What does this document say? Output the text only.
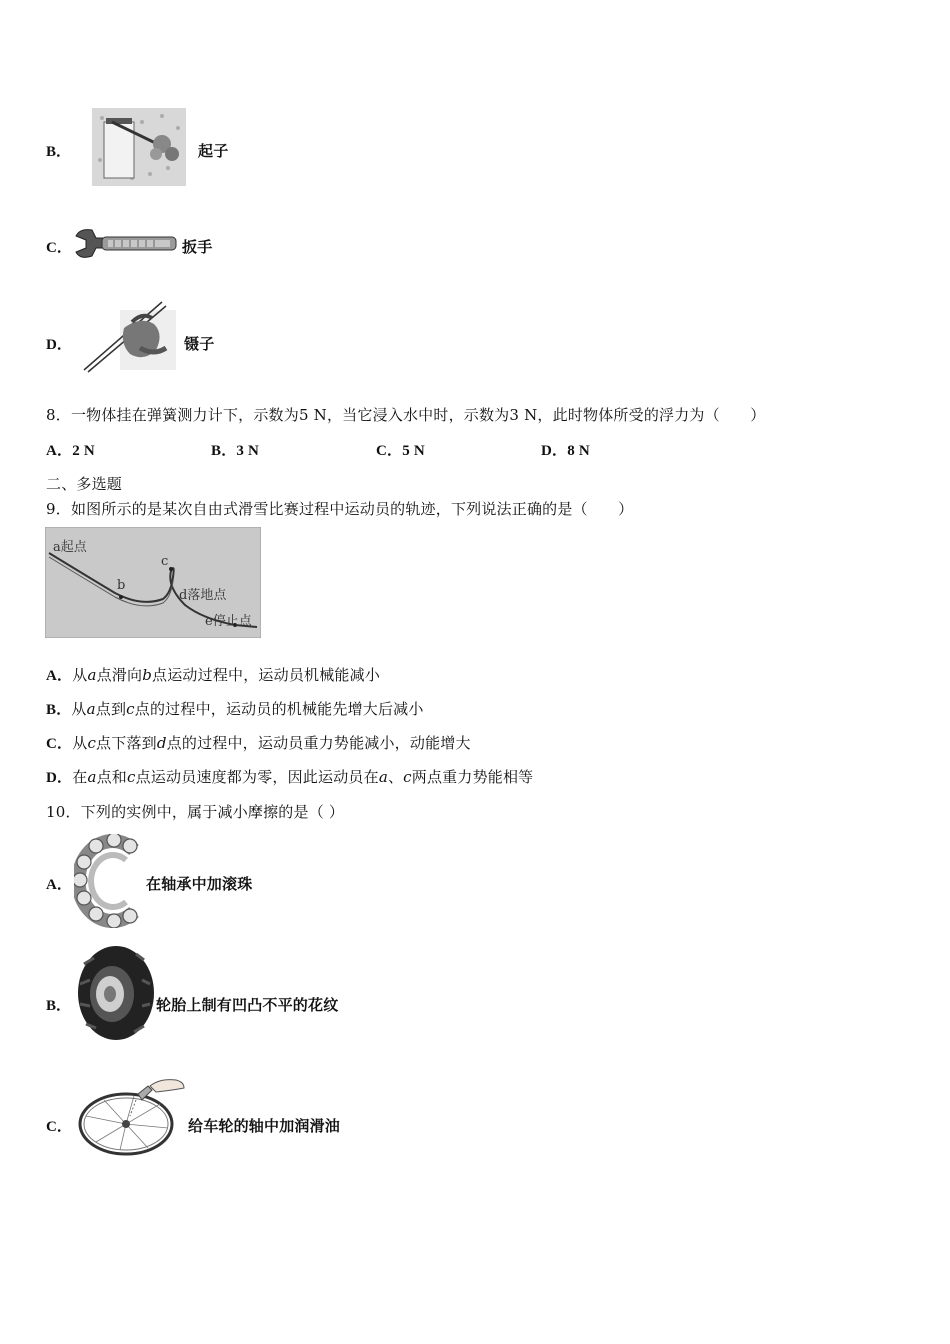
B．	起子
C．	扳手
D．	镊子
8．一物体挂在弹簧测力计下，示数为5 N，当它浸入水中时，示数为3 N，此时物体所受的浮力为（　　）
A．2 N	B．3 N	C．5 N	D．8 N
二、多选题
9．如图所示的是某次自由式滑雪比赛过程中运动员的轨迹，下列说法正确的是（　　）
a起点
b
c
d落地点
e停止点
A．从a点滑向b点运动过程中，运动员机械能减小
B．从a点到c点的过程中，运动员的机械能先增大后减小
C．从c点下落到d点的过程中，运动员重力势能减小，动能增大
D．在a点和c点运动员速度都为零，因此运动员在a、c两点重力势能相等
10．下列的实例中，属于减小摩擦的是（ ）
A．	在轴承中加滚珠
B．	轮胎上制有凹凸不平的花纹
C．	给车轮的轴中加润滑油
